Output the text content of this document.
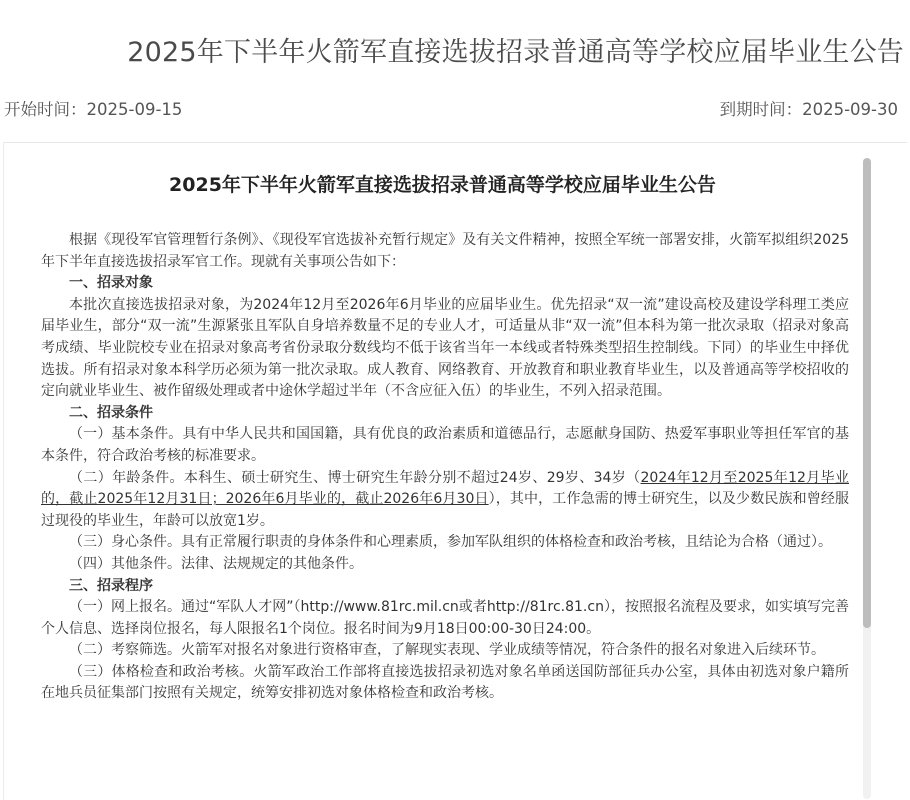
2025年下半年火箭军直接选拔招录普通高等学校应届毕业生公告
开始时间：2025-09-15	到期时间：2025-09-30
2025年下半年火箭军直接选拔招录普通高等学校应届毕业生公告

根据《现役军官管理暂行条例》、《现役军官选拔补充暂行规定》及有关文件精神，按照全军统一部署安排，火箭军拟组织2025年下半年直接选拔招录军官工作。现就有关事项公告如下：

一、招录对象

本批次直接选拔招录对象，为2024年12月至2026年6月毕业的应届毕业生。优先招录“双一流”建设高校及建设学科理工类应届毕业生，部分“双一流”生源紧张且军队自身培养数量不足的专业人才，可适量从非“双一流”但本科为第一批次录取（招录对象高考成绩、毕业院校专业在招录对象高考省份录取分数线均不低于该省当年一本线或者特殊类型招生控制线。下同）的毕业生中择优选拔。所有招录对象本科学历必须为第一批次录取。成人教育、网络教育、开放教育和职业教育毕业生，以及普通高等学校招收的定向就业毕业生、被作留级处理或者中途休学超过半年（不含应征入伍）的毕业生，不列入招录范围。

二、招录条件

（一）基本条件。具有中华人民共和国国籍，具有优良的政治素质和道德品行，志愿献身国防、热爱军事职业等担任军官的基本条件，符合政治考核的标准要求。

（二）年龄条件。本科生、硕士研究生、博士研究生年龄分别不超过24岁、29岁、34岁（2024年12月至2025年12月毕业的，截止2025年12月31日；2026年6月毕业的，截止2026年6月30日），其中，工作急需的博士研究生，以及少数民族和曾经服过现役的毕业生，年龄可以放宽1岁。

（三）身心条件。具有正常履行职责的身体条件和心理素质，参加军队组织的体格检查和政治考核，且结论为合格（通过）。

（四）其他条件。法律、法规规定的其他条件。

三、招录程序

（一）网上报名。通过“军队人才网”（http://www.81rc.mil.cn或者http://81rc.81.cn），按照报名流程及要求，如实填写完善个人信息、选择岗位报名，每人限报名1个岗位。报名时间为9月18日00:00-30日24:00。

（二）考察筛选。火箭军对报名对象进行资格审查，了解现实表现、学业成绩等情况，符合条件的报名对象进入后续环节。

（三）体格检查和政治考核。火箭军政治工作部将直接选拔招录初选对象名单函送国防部征兵办公室，具体由初选对象户籍所在地兵员征集部门按照有关规定，统筹安排初选对象体格检查和政治考核。
